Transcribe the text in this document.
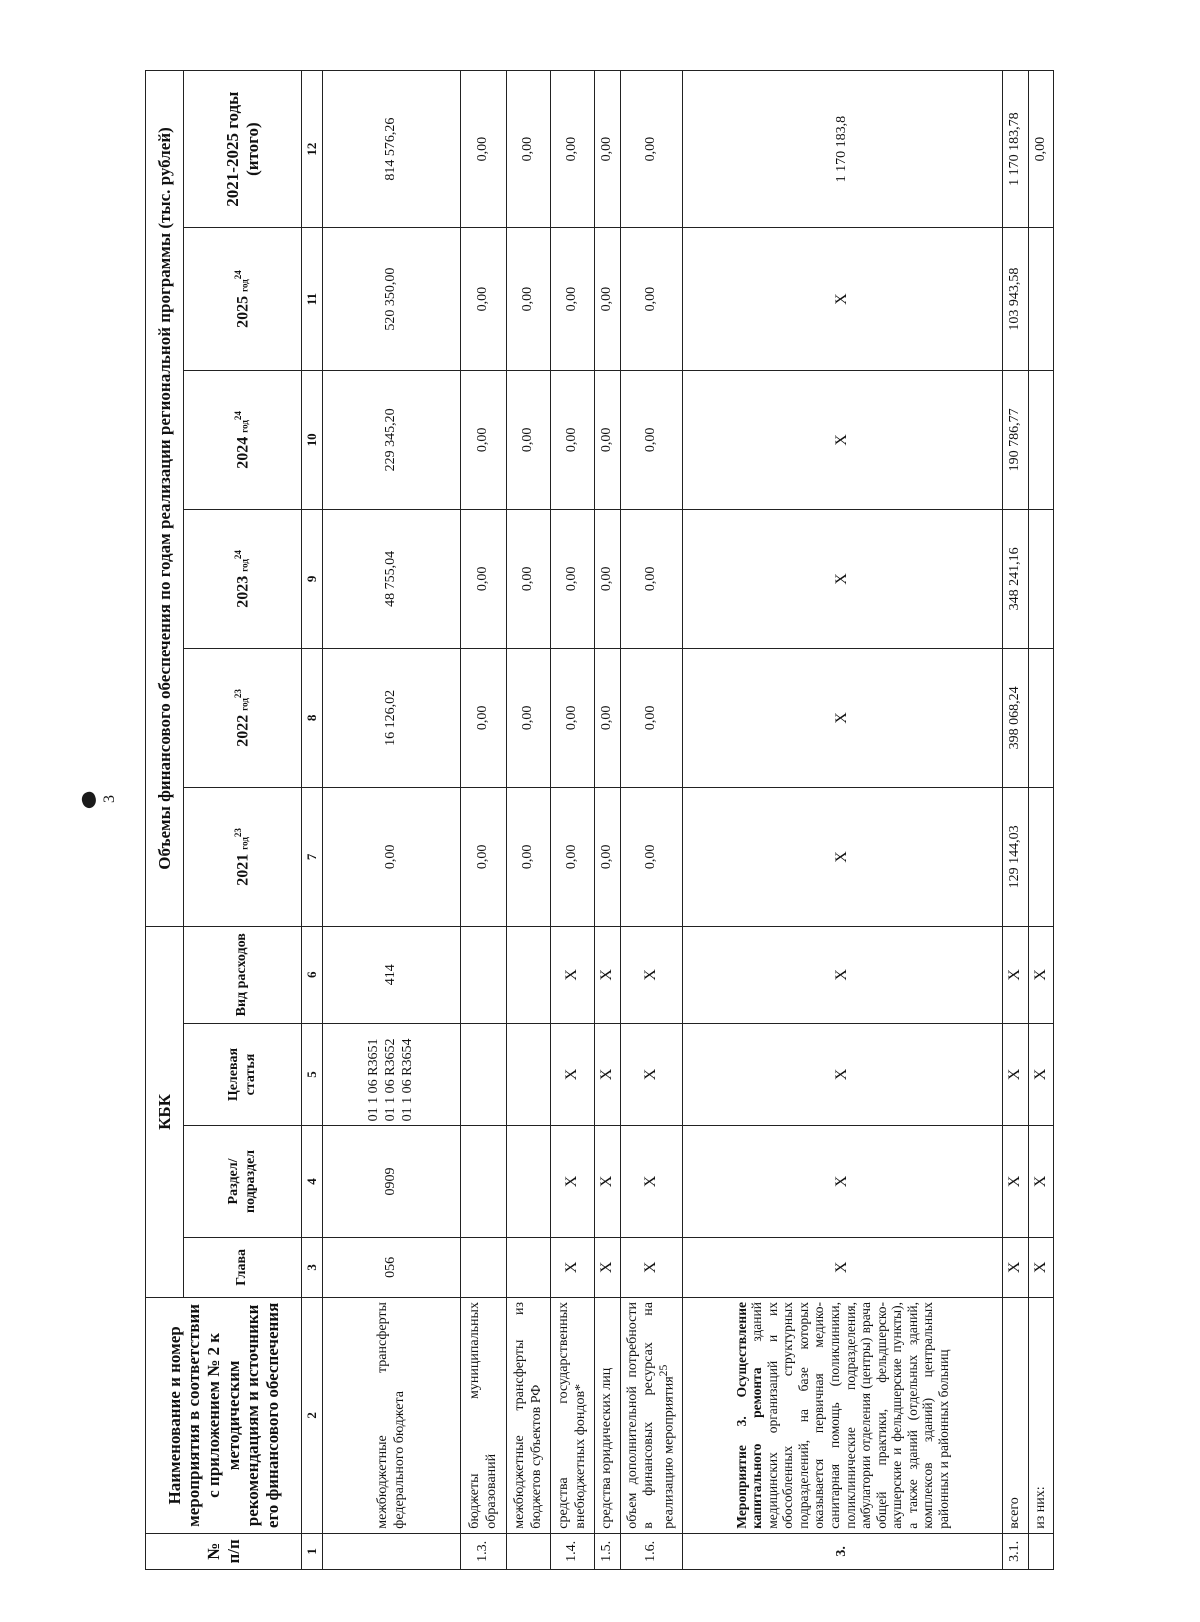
3
№ п/п	Наименование и номер мероприятия в соответствии с приложением № 2 к методическим рекомендациям и источники его финансового обеспечения	КБК				Объемы финансового обеспечения по годам реализации региональной программы (тыс. рублей)					
		Глава	Раздел/ подраздел	Целевая статья	Вид расходов	2021 год$^{23}$	2022 год$^{23}$	2023 год$^{24}$	2024 год$^{24}$	2025 год$^{24}$	2021-2025 годы (итого)
1	2	3	4	5	6	7	8	9	10	11	12
	межбюджетные трансферты федерального бюджета	056	0909	01 1 06 R3651 01 1 06 R3652 01 1 06 R3654	414	0,00	16 126,02	48 755,04	229 345,20	520 350,00	814 576,26
1.3.	бюджеты муниципальных образований					0,00	0,00	0,00	0,00	0,00	0,00
	межбюджетные трансферты из бюджетов субъектов РФ					0,00	0,00	0,00	0,00	0,00	0,00
1.4.	средства государственных внебюджетных фондов*	X	X	X	X	0,00	0,00	0,00	0,00	0,00	0,00
1.5.	средства юридических лиц	X	X	X	X	0,00	0,00	0,00	0,00	0,00	0,00
1.6.	объем дополнительной потребности в финансовых ресурсах на реализацию мероприятия$^{25}$	X	X	X	X	0,00	0,00	0,00	0,00	0,00	0,00
3.	Мероприятие 3. Осуществление капитального ремонта зданий медицинских организаций и их обособленных структурных подразделений, на базе которых оказывается первичная медико-санитарная помощь (поликлиники, поликлинические подразделения, амбулатории отделения (центры) врача общей практики, фельдшерско-акушерские и фельдшерские пункты), а также зданий (отдельных зданий, комплексов зданий) центральных районных и районных больниц	X	X	X	X	X	X	X	X	X	1 170 183,8
3.1.	всего	X	X	X	X	129 144,03	398 068,24	348 241,16	190 786,77	103 943,58	1 170 183,78
	из них:	X	X	X	X						0,00
